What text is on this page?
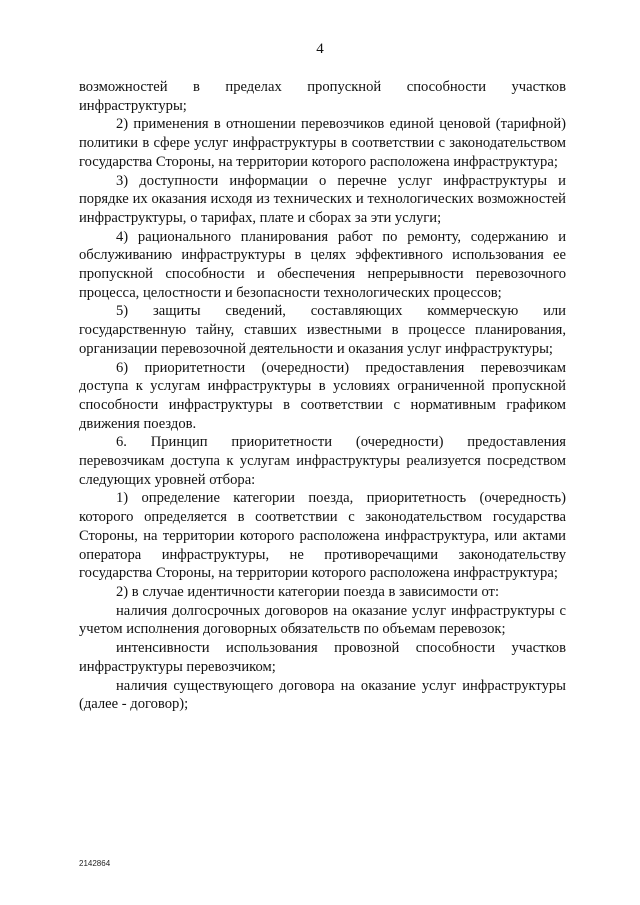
4

возможностей в пределах пропускной способности участков

инфраструктуры;

2) применения в отношении перевозчиков единой ценовой (тарифной) политики в сфере услуг инфраструктуры в соответствии с законодательством государства Стороны, на территории которого расположена инфраструктура;

3) доступности информации о перечне услуг инфраструктуры и порядке их оказания исходя из технических и технологических возможностей инфраструктуры, о тарифах, плате и сборах за эти услуги;

4) рационального планирования работ по ремонту, содержанию и обслуживанию инфраструктуры в целях эффективного использования ее пропускной способности и обеспечения непрерывности перевозочного процесса, целостности и безопасности технологических процессов;

5) защиты сведений, составляющих коммерческую или государственную тайну, ставших известными в процессе планирования, организации перевозочной деятельности и оказания услуг инфраструктуры;

6) приоритетности (очередности) предоставления перевозчикам доступа к услугам инфраструктуры в условиях ограниченной пропускной способности инфраструктуры в соответствии с нормативным графиком движения поездов.

6. Принцип приоритетности (очередности) предоставления перевозчикам доступа к услугам инфраструктуры реализуется посредством следующих уровней отбора:

1) определение категории поезда, приоритетность (очередность) которого определяется в соответствии с законодательством государства Стороны, на территории которого расположена инфраструктура, или актами оператора инфраструктуры, не противоречащими законодательству государства Стороны, на территории которого расположена инфраструктура;

2) в случае идентичности категории поезда в зависимости от:

наличия долгосрочных договоров на оказание услуг инфраструктуры с учетом исполнения договорных обязательств по объемам перевозок;

интенсивности использования провозной способности участков инфраструктуры перевозчиком;

наличия существующего договора на оказание услуг инфраструктуры (далее - договор);

2142864
